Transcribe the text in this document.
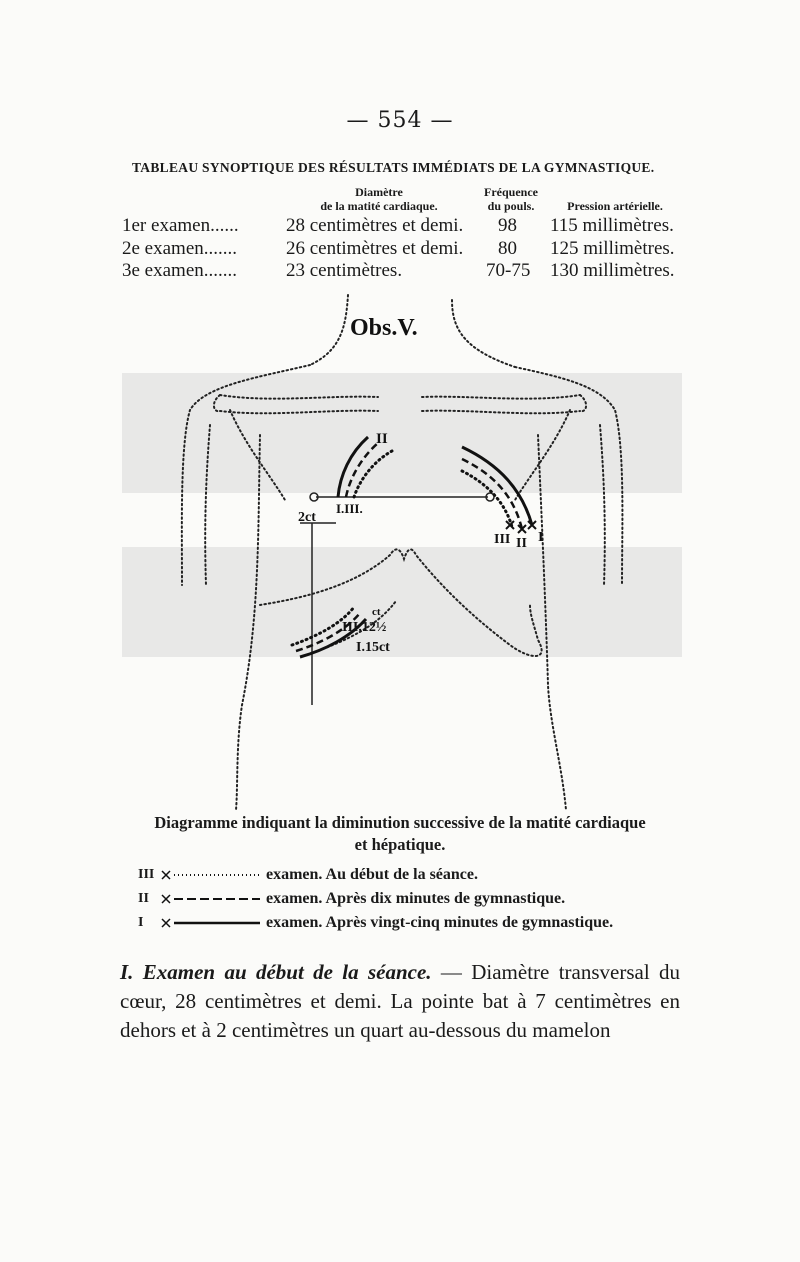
— 554 —
TABLEAU SYNOPTIQUE DES RÉSULTATS IMMÉDIATS DE LA GYMNASTIQUE.
Diamètre
de la matité cardiaque.
Fréquence
du pouls.	Pression artérielle.
1er examen...... 28 centimètres et demi. 98 115 millimètres.
2e examen.......	26 centimètres et demi. 80 125 millimètres.
3e examen.......	23 centimètres.	70-75 130 millimètres.
Obs.V.
II
I.III.
2ct
III II I
ct
III.12½
I.15ct
Diagramme indiquant la diminution successive de la matité cardiaque
et hépatique.
III	examen. Au début de la séance.
II	examen. Après dix minutes de gymnastique.
I	examen. Après vingt-cinq minutes de gymnastique.
I. Examen au début de la séance. — Diamètre transversal du cœur, 28 centimètres et demi. La pointe bat à 7 centimètres en dehors et à 2 centimètres un quart au-dessous du mamelon
